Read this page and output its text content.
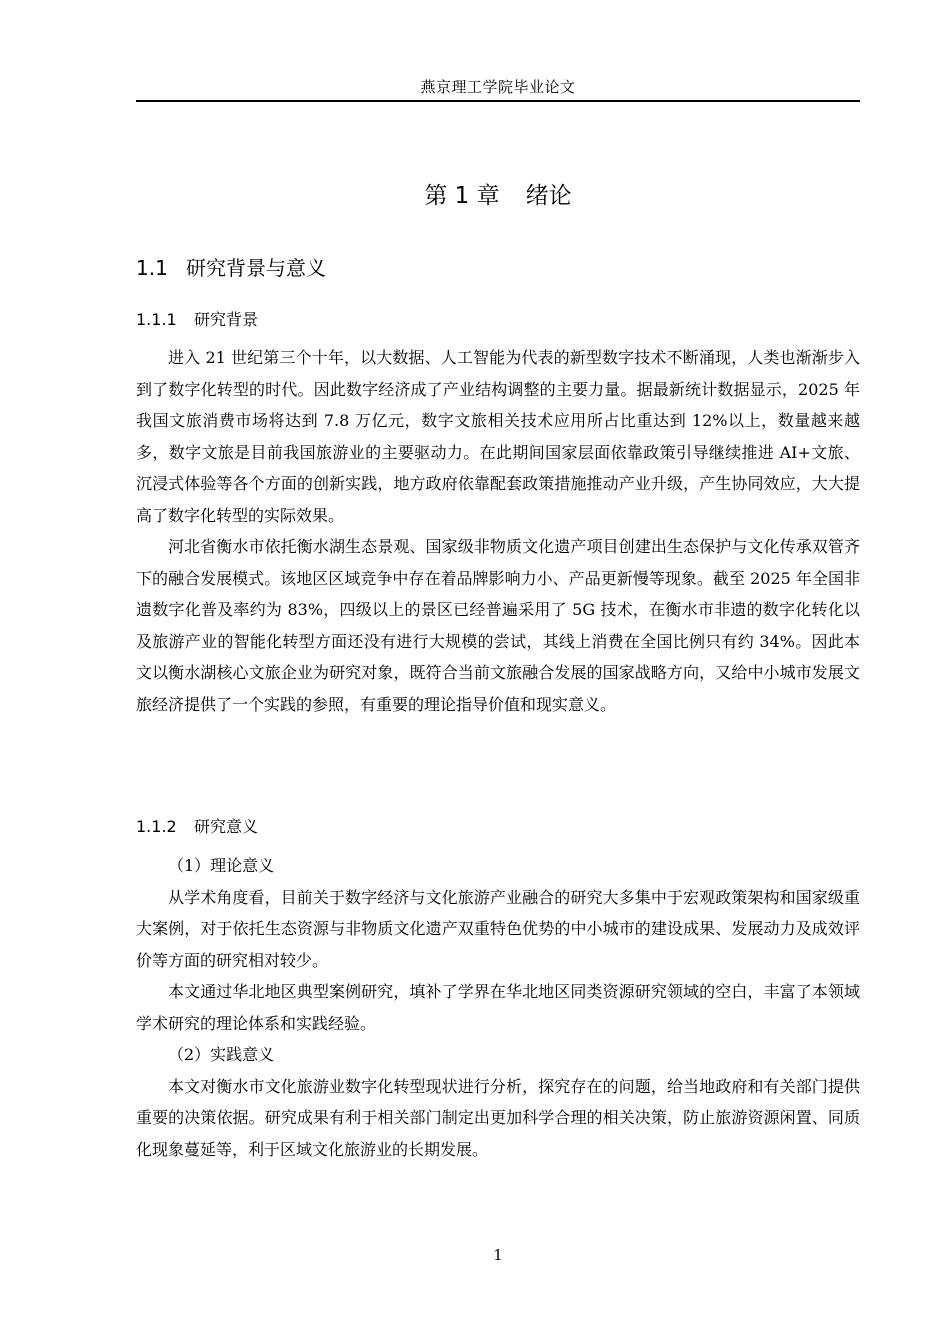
燕京理工学院毕业论文
第 1 章 绪论
1.1 研究背景与意义
1.1.1 研究背景

进入 21 世纪第三个十年，以大数据、人工智能为代表的新型数字技术不断涌现，人类也渐渐步入到了数字化转型的时代。因此数字经济成了产业结构调整的主要力量。据最新统计数据显示，2025 年我国文旅消费市场将达到 7.8 万亿元，数字文旅相关技术应用所占比重达到 12%以上，数量越来越多，数字文旅是目前我国旅游业的主要驱动力。在此期间国家层面依靠政策引导继续推进 AI+文旅、沉浸式体验等各个方面的创新实践，地方政府依靠配套政策措施推动产业升级，产生协同效应，大大提高了数字化转型的实际效果。

河北省衡水市依托衡水湖生态景观、国家级非物质文化遗产项目创建出生态保护与文化传承双管齐下的融合发展模式。该地区区域竞争中存在着品牌影响力小、产品更新慢等现象。截至 2025 年全国非遗数字化普及率约为 83%，四级以上的景区已经普遍采用了 5G 技术，在衡水市非遗的数字化转化以及旅游产业的智能化转型方面还没有进行大规模的尝试，其线上消费在全国比例只有约 34%。因此本文以衡水湖核心文旅企业为研究对象，既符合当前文旅融合发展的国家战略方向，又给中小城市发展文旅经济提供了一个实践的参照，有重要的理论指导价值和现实意义。

1.1.2 研究意义

（1）理论意义

从学术角度看，目前关于数字经济与文化旅游产业融合的研究大多集中于宏观政策架构和国家级重大案例，对于依托生态资源与非物质文化遗产双重特色优势的中小城市的建设成果、发展动力及成效评价等方面的研究相对较少。

本文通过华北地区典型案例研究，填补了学界在华北地区同类资源研究领域的空白，丰富了本领域学术研究的理论体系和实践经验。

（2）实践意义

本文对衡水市文化旅游业数字化转型现状进行分析，探究存在的问题，给当地政府和有关部门提供重要的决策依据。研究成果有利于相关部门制定出更加科学合理的相关决策，防止旅游资源闲置、同质化现象蔓延等，利于区域文化旅游业的长期发展。

1
